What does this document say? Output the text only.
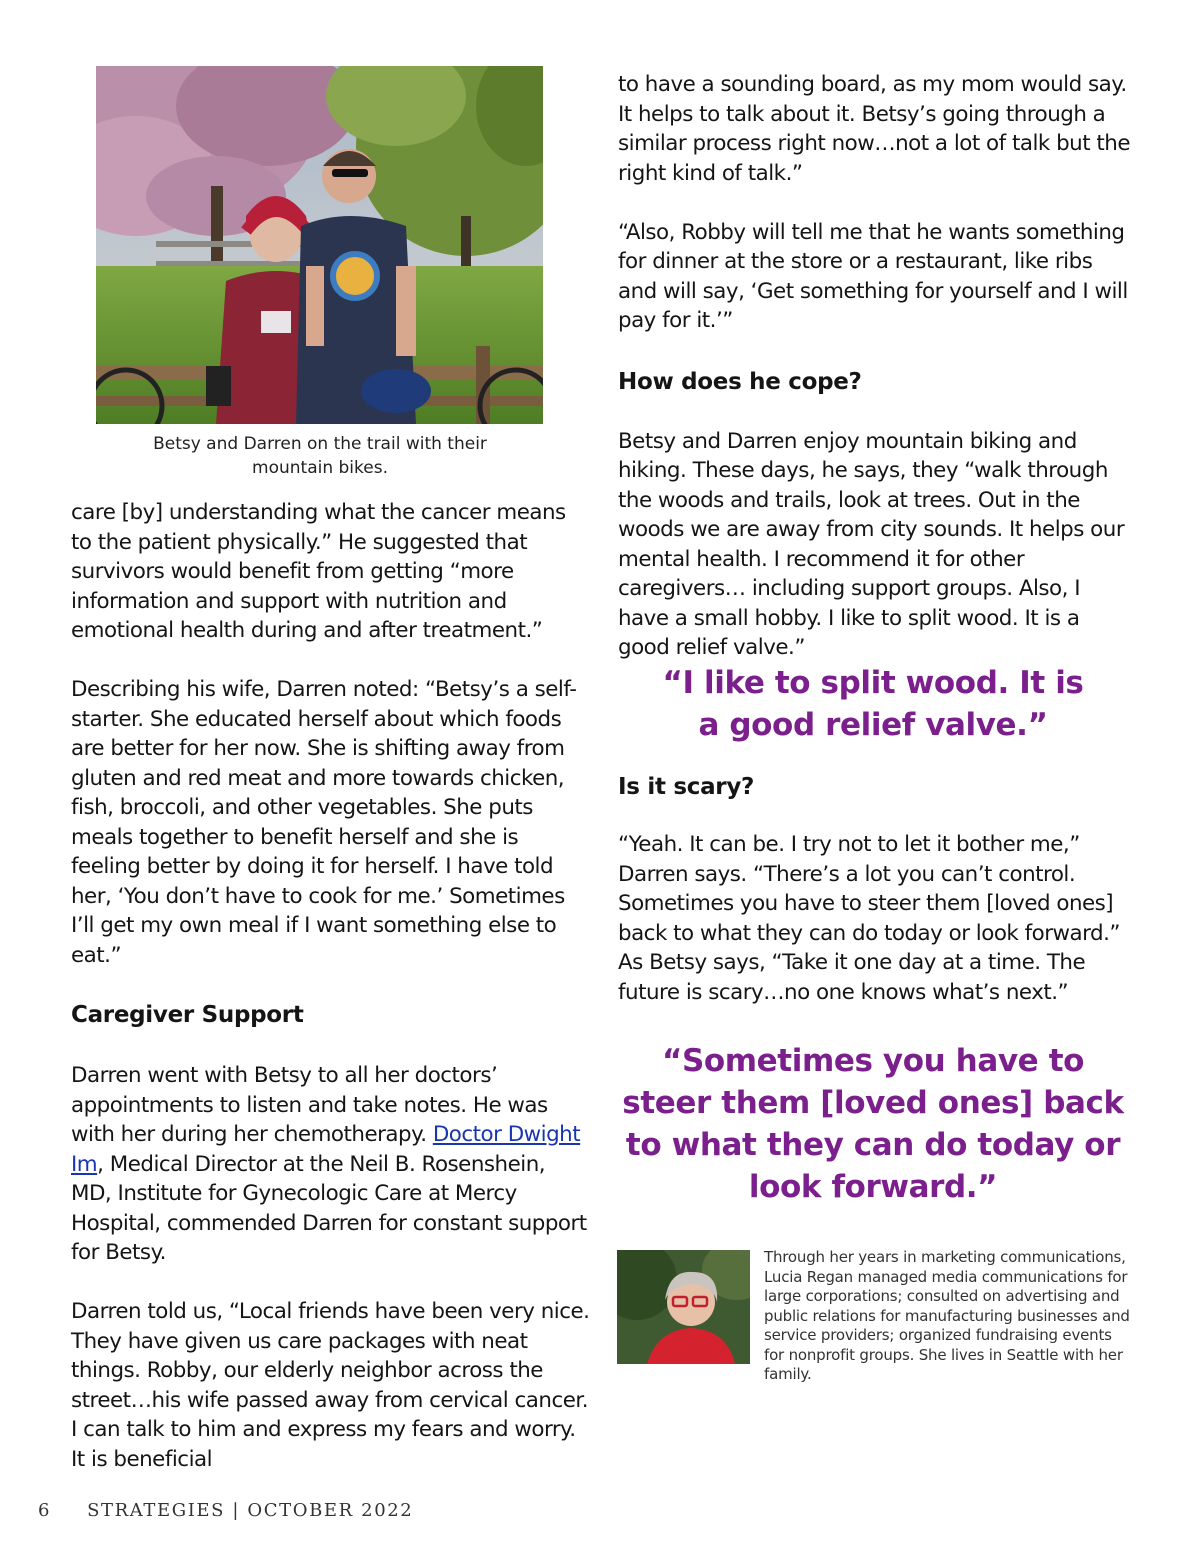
Betsy and Darren on the trail with their mountain bikes.

care [by] understanding what the cancer means to the patient physically.” He suggested that survivors would benefit from getting “more information and support with nutrition and emotional health during and after treatment.”

Describing his wife, Darren noted: “Betsy’s a self-starter. She educated herself about which foods are better for her now. She is shifting away from gluten and red meat and more towards chicken, fish, broccoli, and other vegetables. She puts meals together to benefit herself and she is feeling better by doing it for herself. I have told her, ‘You don’t have to cook for me.’ Sometimes I’ll get my own meal if I want something else to eat.”

Caregiver Support

Darren went with Betsy to all her doctors’ appointments to listen and take notes. He was with her during her chemotherapy. Doctor Dwight Im, Medical Director at the Neil B. Rosenshein, MD, Institute for Gynecologic Care at Mercy Hospital, commended Darren for constant support for Betsy.

Darren told us, “Local friends have been very nice. They have given us care packages with neat things. Robby, our elderly neighbor across the street…his wife passed away from cervical cancer. I can talk to him and express my fears and worry. It is beneficial

to have a sounding board, as my mom would say. It helps to talk about it. Betsy’s going through a similar process right now…not a lot of talk but the right kind of talk.”

“Also, Robby will tell me that he wants something for dinner at the store or a restaurant, like ribs and will say, ‘Get something for yourself and I will pay for it.’”

How does he cope?

Betsy and Darren enjoy mountain biking and hiking. These days, he says, they “walk through the woods and trails, look at trees. Out in the woods we are away from city sounds. It helps our mental health. I recommend it for other caregivers… including support groups. Also, I have a small hobby. I like to split wood. It is a good relief valve.”

“I like to split wood. It is a good relief valve.”

Is it scary?

“Yeah. It can be. I try not to let it bother me,” Darren says. “There’s a lot you can’t control. Sometimes you have to steer them [loved ones] back to what they can do today or look forward.” As Betsy says, “Take it one day at a time. The future is scary…no one knows what’s next.”

“Sometimes you have to steer them [loved ones] back to what they can do today or look forward.”

Through her years in marketing communications, Lucia Regan managed media communications for large corporations; consulted on advertising and public relations for manufacturing businesses and service providers; organized fundraising events for nonprofit groups. She lives in Seattle with her family.

6 STRATEGIES | OCTOBER 2022
